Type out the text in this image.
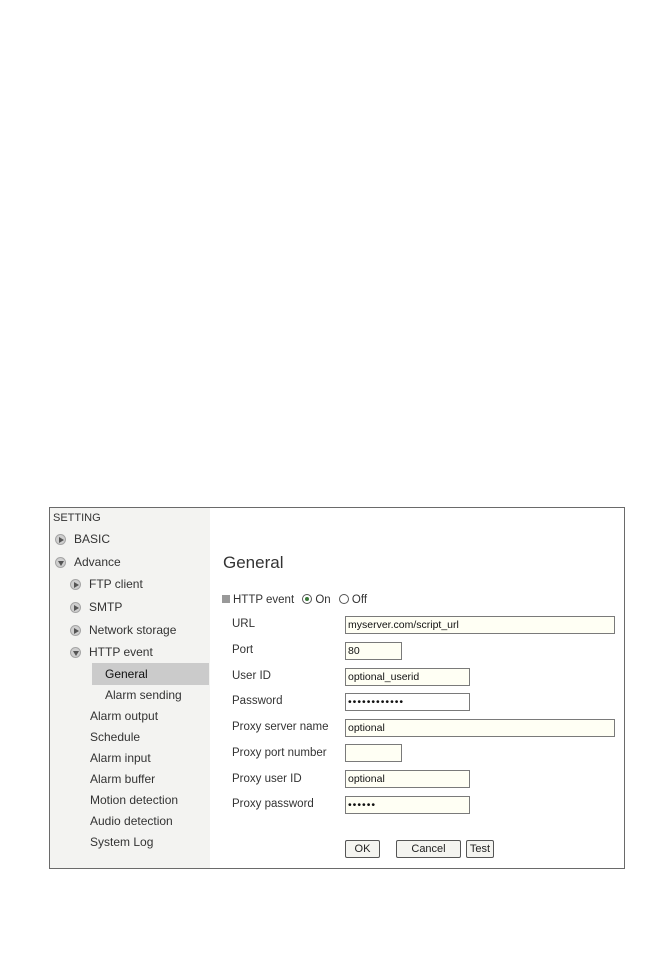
SETTING
BASIC
Advance
FTP client
SMTP
Network storage
HTTP event
General
Alarm sending
Alarm output
Schedule
Alarm input
Alarm buffer
Motion detection
Audio detection
System Log
General
HTTP event On Off
URL
myserver.com/script_url
Port
80
User ID
optional_userid
Password
••••••••••••
Proxy server name
optional
Proxy port number
Proxy user ID
optional
Proxy password
••••••
OK	Cancel	Test
